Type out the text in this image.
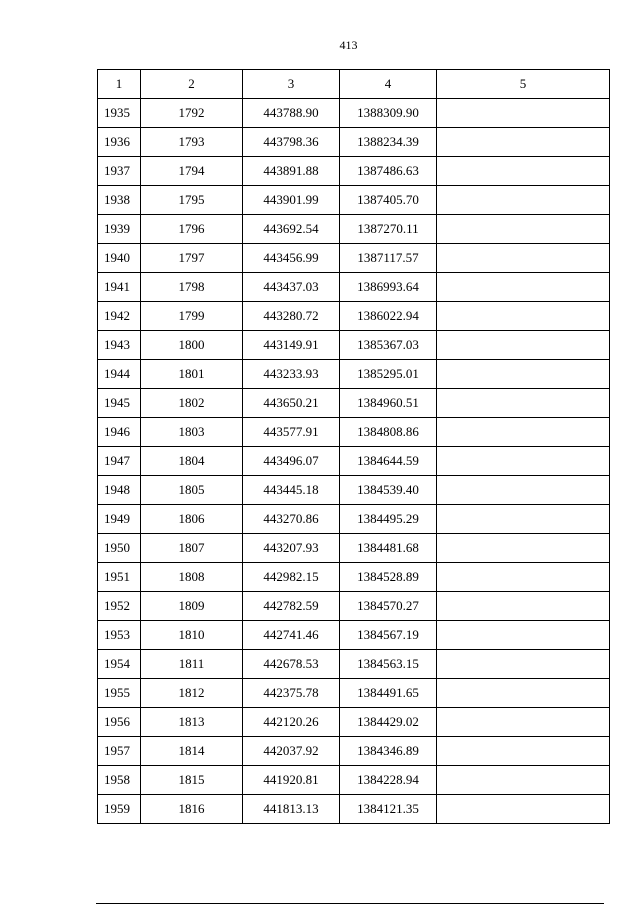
413
1	2	3	4	5
1935	1792	443788.90	1388309.90	
1936	1793	443798.36	1388234.39	
1937	1794	443891.88	1387486.63	
1938	1795	443901.99	1387405.70	
1939	1796	443692.54	1387270.11	
1940	1797	443456.99	1387117.57	
1941	1798	443437.03	1386993.64	
1942	1799	443280.72	1386022.94	
1943	1800	443149.91	1385367.03	
1944	1801	443233.93	1385295.01	
1945	1802	443650.21	1384960.51	
1946	1803	443577.91	1384808.86	
1947	1804	443496.07	1384644.59	
1948	1805	443445.18	1384539.40	
1949	1806	443270.86	1384495.29	
1950	1807	443207.93	1384481.68	
1951	1808	442982.15	1384528.89	
1952	1809	442782.59	1384570.27	
1953	1810	442741.46	1384567.19	
1954	1811	442678.53	1384563.15	
1955	1812	442375.78	1384491.65	
1956	1813	442120.26	1384429.02	
1957	1814	442037.92	1384346.89	
1958	1815	441920.81	1384228.94	
1959	1816	441813.13	1384121.35	
